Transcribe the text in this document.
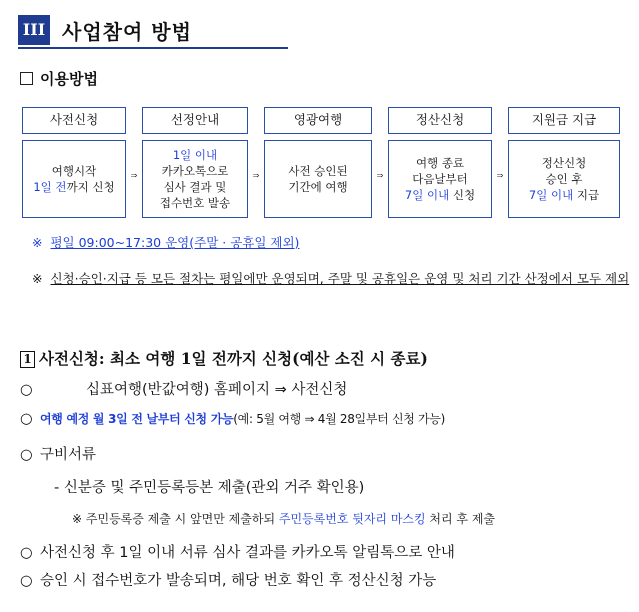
III 사업참여 방법
이용방법
사전신청
여행시작
1일 전까지 신청
⇒
선정안내
1일 이내
카카오톡으로
심사 결과 및
접수번호 발송
⇒
영광여행
사전 승인된
기간에 여행
⇒
정산신청
여행 종료
다음날부터
7일 이내 신청
⇒
지원금 지급
정산신청
승인 후
7일 이내 지급
※ 평일 09:00~17:30 운영(주말 · 공휴일 제외)
※ 신청·승인·지급 등 모든 절차는 평일에만 운영되며, 주말 및 공휴일은 운영 및 처리 기간 산정에서 모두 제외
1 사전신청: 최소 여행 1일 전까지 신청(예산 소진 시 종료)
○	십표여행(반값여행) 홈페이지 ⇒ 사전신청
○ 여행 예정 월 3일 전 날부터 신청 가능(예: 5월 여행 ⇒ 4월 28일부터 신청 가능)
○ 구비서류
- 신분증 및 주민등록등본 제출(관외 거주 확인용)
※ 주민등록증 제출 시 앞면만 제출하되 주민등록번호 뒷자리 마스킹 처리 후 제출
○ 사전신청 후 1일 이내 서류 심사 결과를 카카오톡 알림톡으로 안내
○ 승인 시 접수번호가 발송되며, 해당 번호 확인 후 정산신청 가능
